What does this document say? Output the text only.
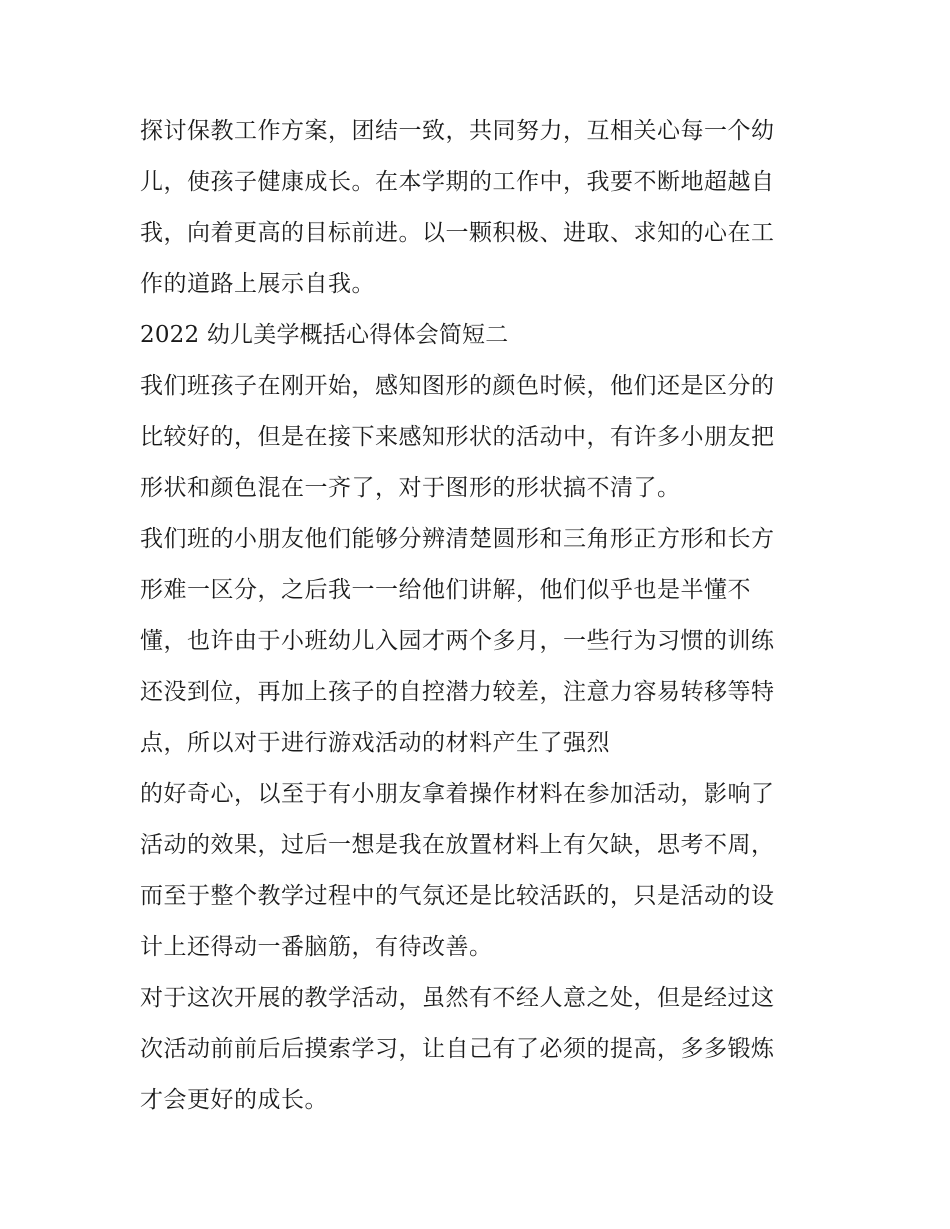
探讨保教工作方案，团结一致，共同努力，互相关心每一个幼
儿，使孩子健康成长。在本学期的工作中，我要不断地超越自
我，向着更高的目标前进。以一颗积极、进取、求知的心在工
作的道路上展示自我。
2022 幼儿美学概括心得体会简短二
我们班孩子在刚开始，感知图形的颜色时候，他们还是区分的
比较好的，但是在接下来感知形状的活动中，有许多小朋友把
形状和颜色混在一齐了，对于图形的形状搞不清了。
我们班的小朋友他们能够分辨清楚圆形和三角形正方形和长方
形难一区分，之后我一一给他们讲解，他们似乎也是半懂不
懂，也许由于小班幼儿入园才两个多月，一些行为习惯的训练
还没到位，再加上孩子的自控潜力较差，注意力容易转移等特
点，所以对于进行游戏活动的材料产生了强烈
的好奇心，以至于有小朋友拿着操作材料在参加活动，影响了
活动的效果，过后一想是我在放置材料上有欠缺，思考不周，
而至于整个教学过程中的气氛还是比较活跃的，只是活动的设
计上还得动一番脑筋，有待改善。
对于这次开展的教学活动，虽然有不经人意之处，但是经过这
次活动前前后后摸索学习，让自己有了必须的提高，多多锻炼
才会更好的成长。
